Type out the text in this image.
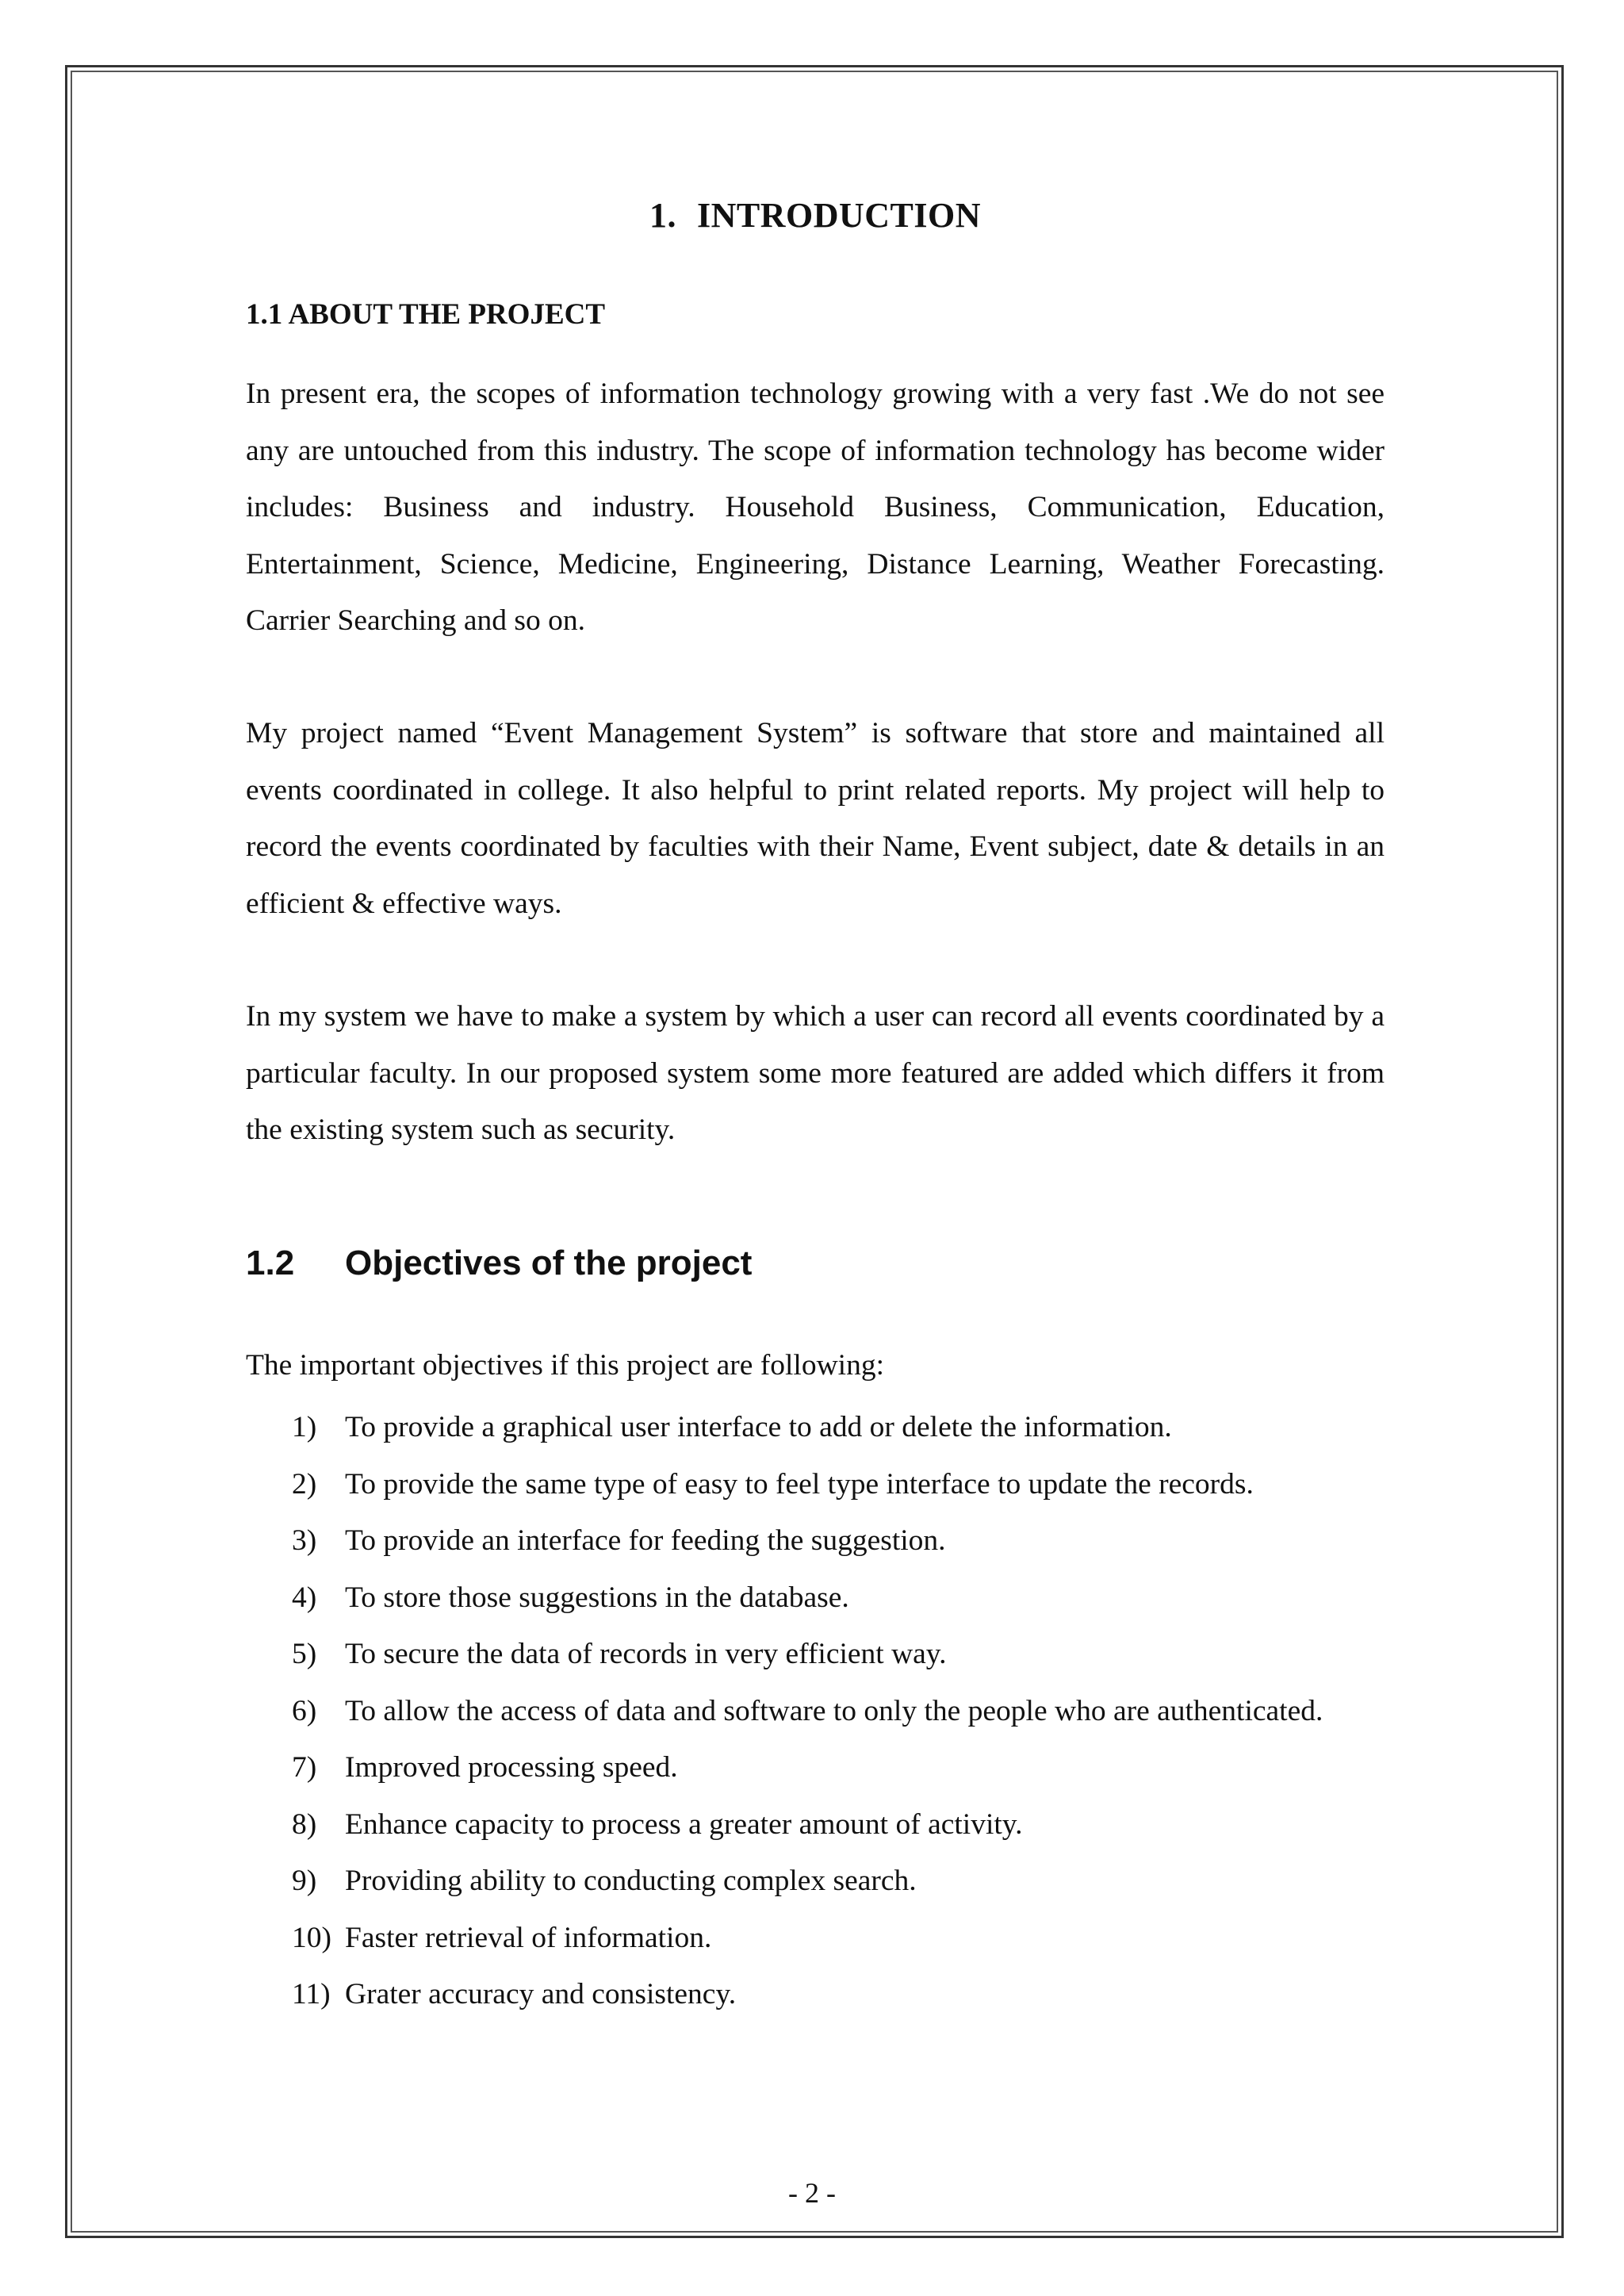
1. INTRODUCTION
1.1 ABOUT THE PROJECT

In present era, the scopes of information technology growing with a very fast .We do not see any are untouched from this industry. The scope of information technology has become wider includes: Business and industry. Household Business, Communication, Education, Entertainment, Science, Medicine, Engineering, Distance Learning, Weather Forecasting. Carrier Searching and so on.

My project named “Event Management System” is software that store and maintained all events coordinated in college. It also helpful to print related reports. My project will help to record the events coordinated by faculties with their Name, Event subject, date & details in an efficient & effective ways.

In my system we have to make a system by which a user can record all events coordinated by a particular faculty. In our proposed system some more featured are added which differs it from the existing system such as security.

1.2 Objectives of the project
The important objectives if this project are following:
1) To provide a graphical user interface to add or delete the information.
2) To provide the same type of easy to feel type interface to update the records.
3) To provide an interface for feeding the suggestion.
4) To store those suggestions in the database.
5) To secure the data of records in very efficient way.
6) To allow the access of data and software to only the people who are authenticated.
7) Improved processing speed.
8) Enhance capacity to process a greater amount of activity.
9) Providing ability to conducting complex search.
10) Faster retrieval of information.
11) Grater accuracy and consistency.
- 2 -
